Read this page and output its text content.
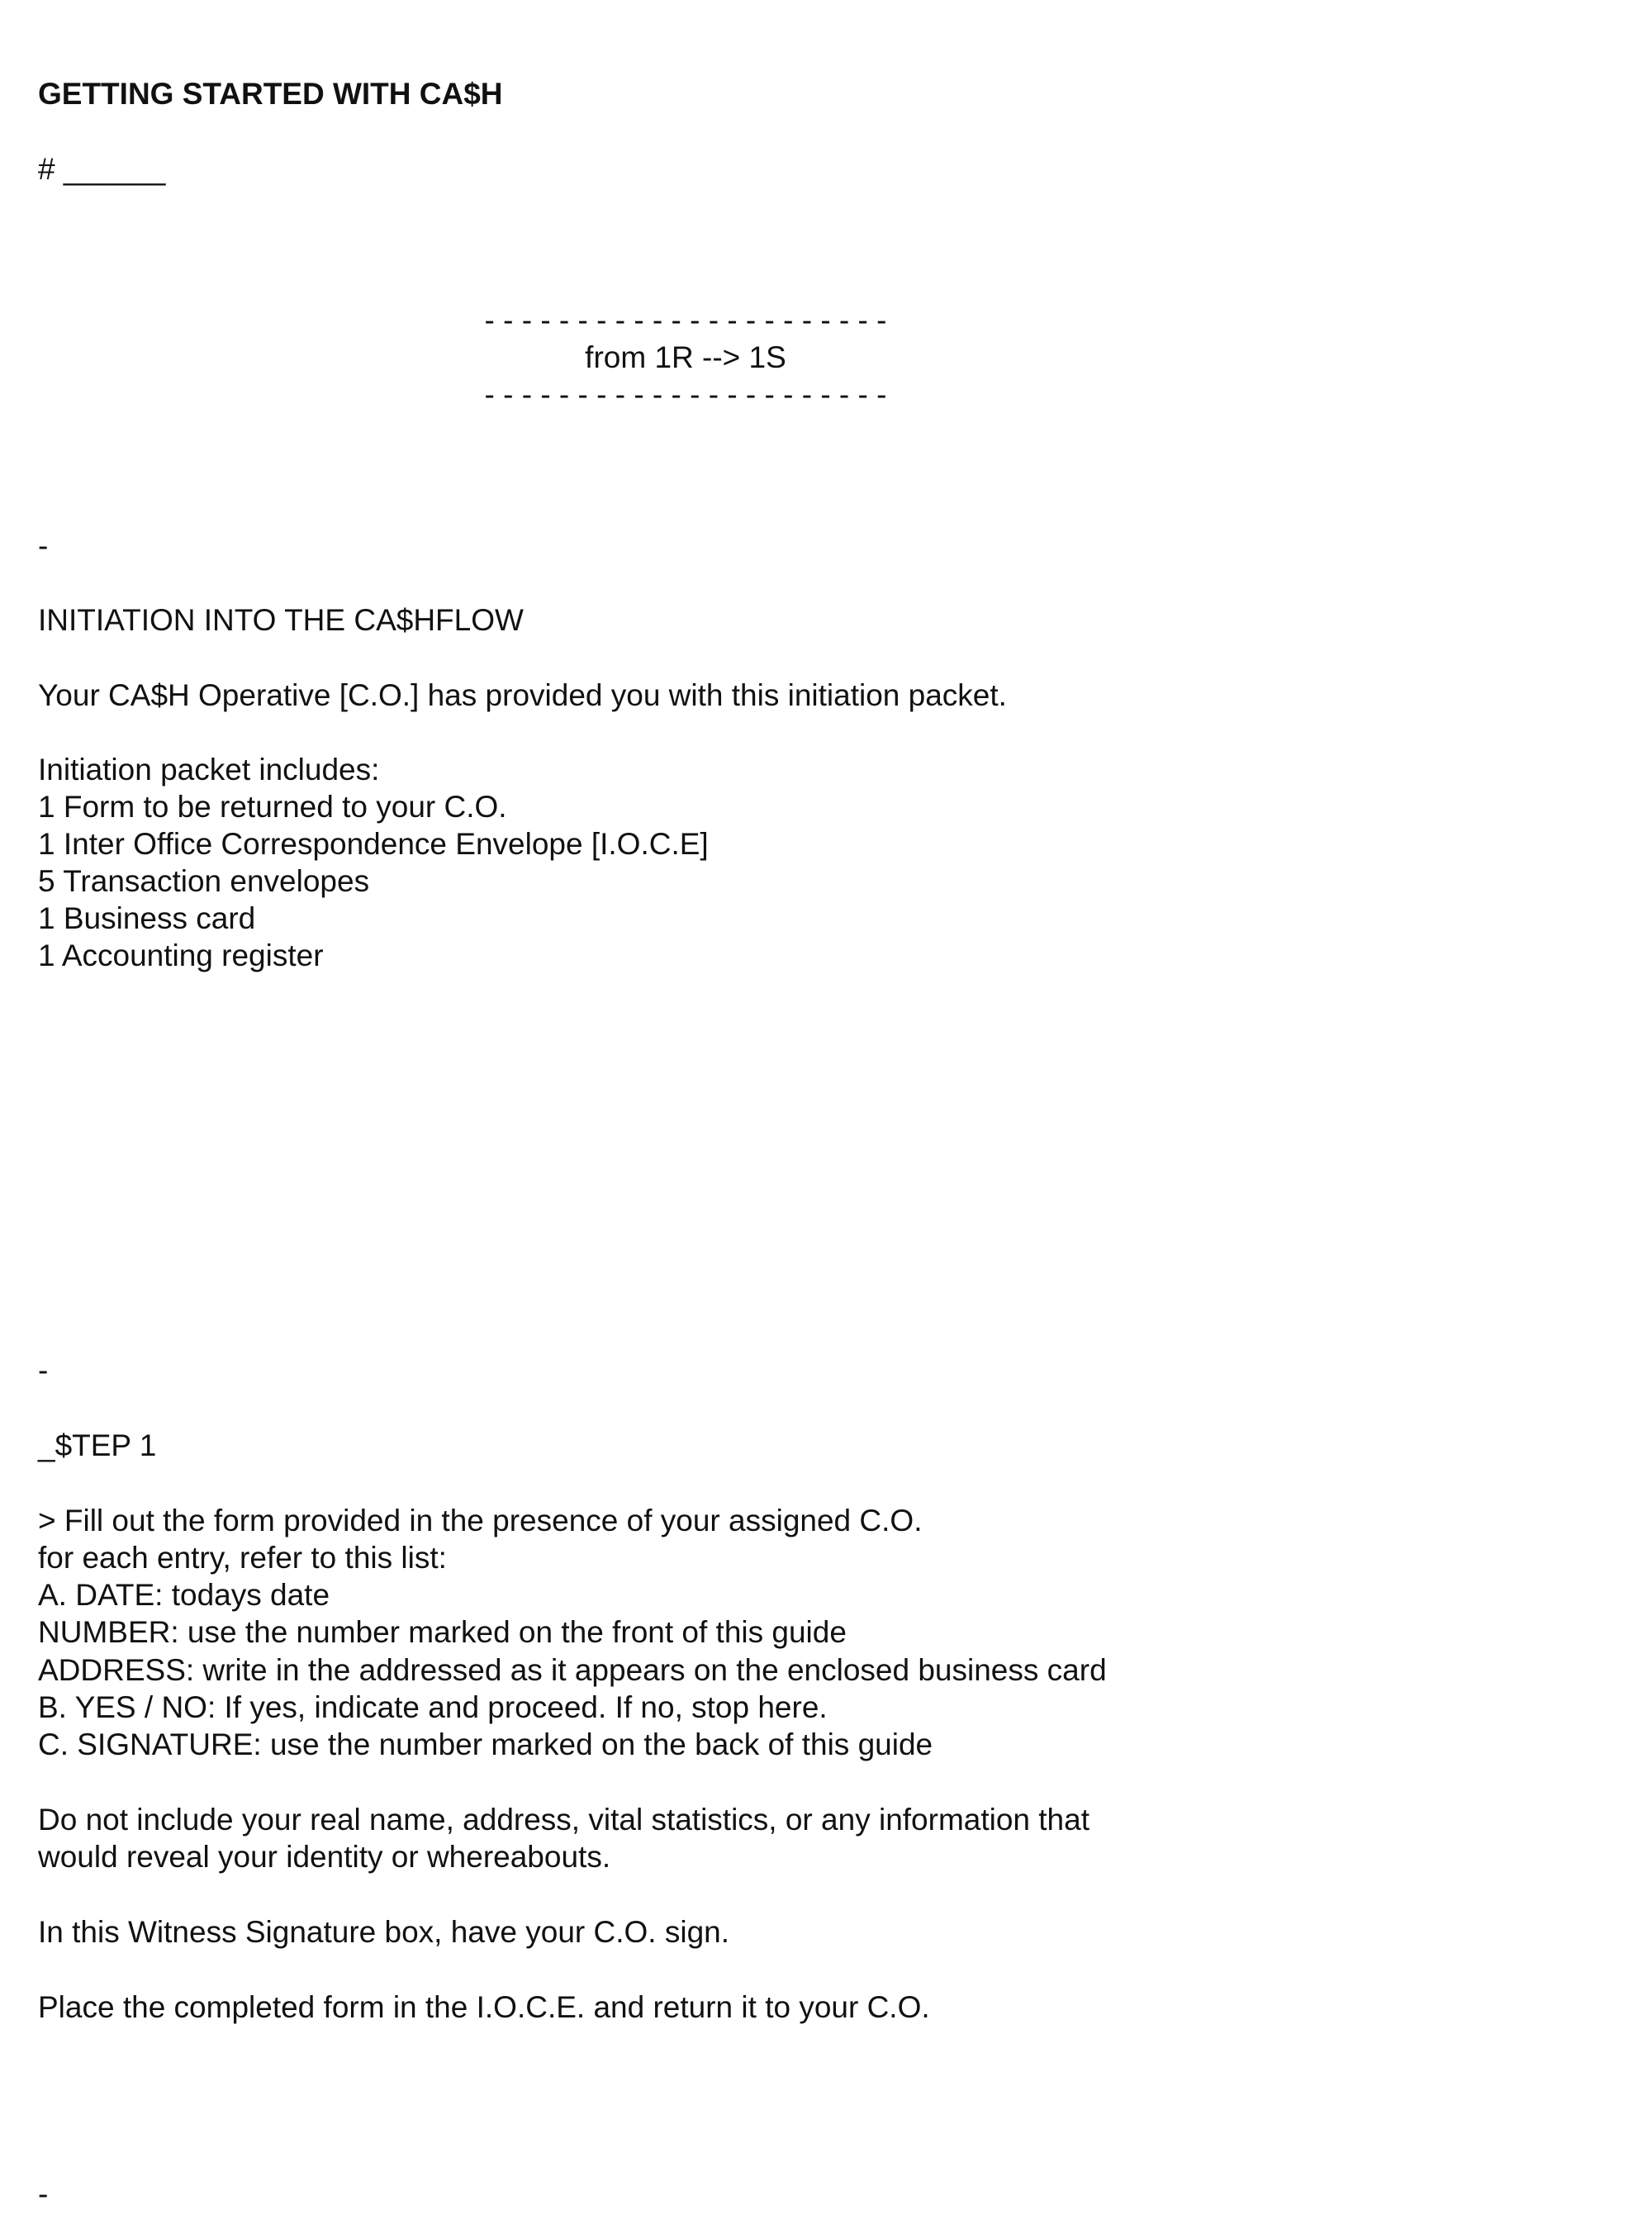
GETTING STARTED WITH CA$H
# ______
- - - - - - - - - - - - - - - - - - - - - -
from 1R --> 1S
- - - - - - - - - - - - - - - - - - - - - -
-
INITIATION INTO THE CA$HFLOW
Your CA$H Operative [C.O.] has provided you with this initiation packet.
Initiation packet includes:
1 Form to be returned to your C.O.
1 Inter Office Correspondence Envelope [I.O.C.E]
5 Transaction envelopes
1 Business card
1 Accounting register
-
_$TEP 1
> Fill out the form provided in the presence of your assigned C.O.
for each entry, refer to this list:
A. DATE: todays date
NUMBER: use the number marked on the front of this guide
ADDRESS: write in the addressed as it appears on the enclosed business card
B. YES / NO: If yes, indicate and proceed. If no, stop here.
C. SIGNATURE: use the number marked on the back of this guide
Do not include your real name, address, vital statistics, or any information that
would reveal your identity or whereabouts.
In this Witness Signature box, have your C.O. sign.
Place the completed form in the I.O.C.E. and return it to your C.O.
-
